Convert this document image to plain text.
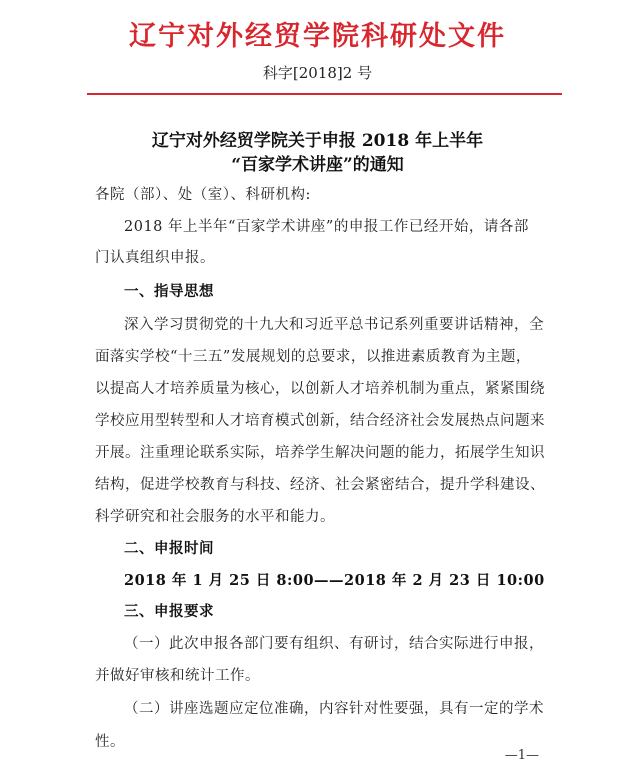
辽宁对外经贸学院科研处文件
科字[2018]2 号
辽宁对外经贸学院关于申报 2018 年上半年
“百家学术讲座”的通知
各院（部）、处（室）、科研机构:
2018 年上半年“百家学术讲座”的申报工作已经开始，请各部
门认真组织申报。
一、指导思想
深入学习贯彻党的十九大和习近平总书记系列重要讲话精神，全
面落实学校“十三五”发展规划的总要求，以推进素质教育为主题，
以提高人才培养质量为核心，以创新人才培养机制为重点，紧紧围绕
学校应用型转型和人才培育模式创新，结合经济社会发展热点问题来
开展。注重理论联系实际，培养学生解决问题的能力，拓展学生知识
结构，促进学校教育与科技、经济、社会紧密结合，提升学科建设、
科学研究和社会服务的水平和能力。
二、申报时间
2018 年 1 月 25 日 8:00——2018 年 2 月 23 日 10:00
三、申报要求
（一）此次申报各部门要有组织、有研讨，结合实际进行申报，
并做好审核和统计工作。
（二）讲座选题应定位准确，内容针对性要强，具有一定的学术
性。
—1—
